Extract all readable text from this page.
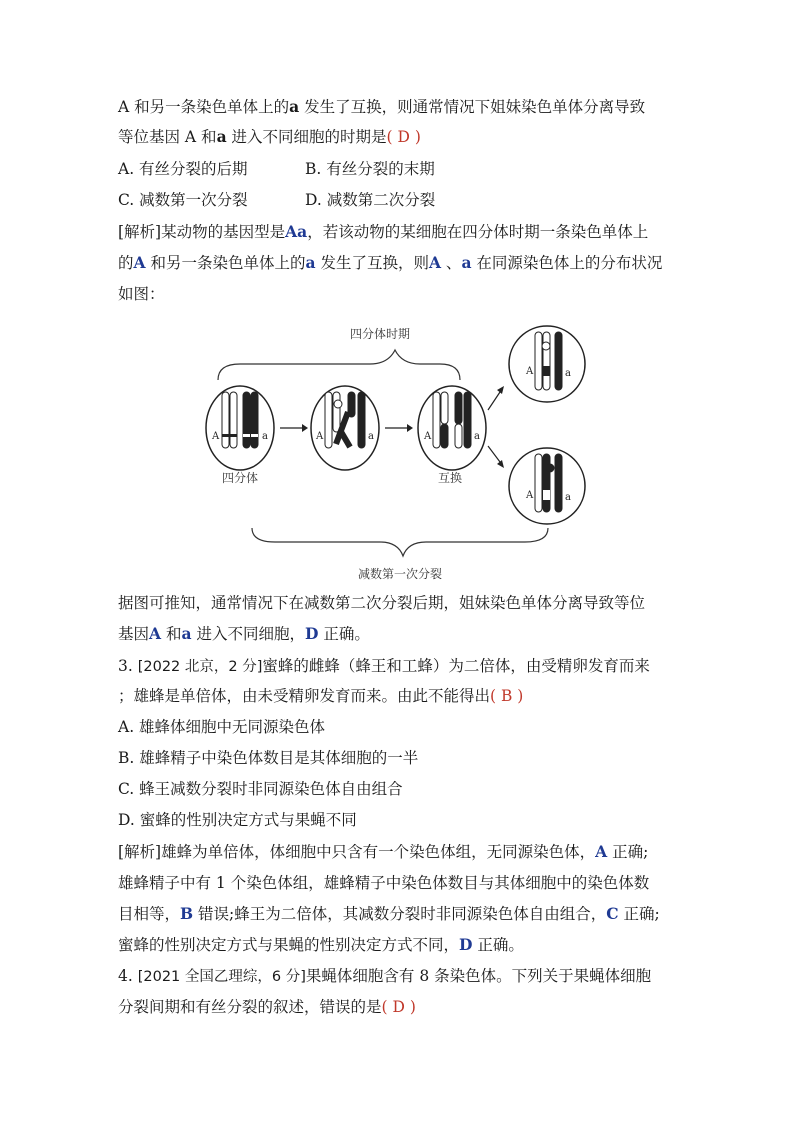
A 和另一条染色单体上的a 发生了互换，则通常情况下姐妹染色单体分离导致
等位基因 A 和a 进入不同细胞的时期是( D )
A. 有丝分裂的后期	B. 有丝分裂的末期
C. 减数第一次分裂	D. 减数第二次分裂
[解析]某动物的基因型是Aa，若该动物的某细胞在四分体时期一条染色单体上
的A 和另一条染色单体上的a 发生了互换，则A 、a 在同源染色体上的分布状况
如图：
四分体时期
A	a
四分体
A	a	A	a
互换
A	a
A	a
减数第一次分裂
据图可推知，通常情况下在减数第二次分裂后期，姐妹染色单体分离导致等位
基因A 和a 进入不同细胞，D 正确。
3. [2022 北京，2 分]蜜蜂的雌蜂（蜂王和工蜂）为二倍体，由受精卵发育而来
；雄蜂是单倍体，由未受精卵发育而来。由此不能得出( B )
A. 雄蜂体细胞中无同源染色体
B. 雄蜂精子中染色体数目是其体细胞的一半
C. 蜂王减数分裂时非同源染色体自由组合
D. 蜜蜂的性别决定方式与果蝇不同
[解析]雄蜂为单倍体，体细胞中只含有一个染色体组，无同源染色体，A 正确;
雄蜂精子中有 1 个染色体组，雄蜂精子中染色体数目与其体细胞中的染色体数
目相等，B 错误;蜂王为二倍体，其减数分裂时非同源染色体自由组合，C 正确;
蜜蜂的性别决定方式与果蝇的性别决定方式不同，D 正确。
4. [2021 全国乙理综，6 分]果蝇体细胞含有 8 条染色体。下列关于果蝇体细胞
分裂间期和有丝分裂的叙述，错误的是( D )
